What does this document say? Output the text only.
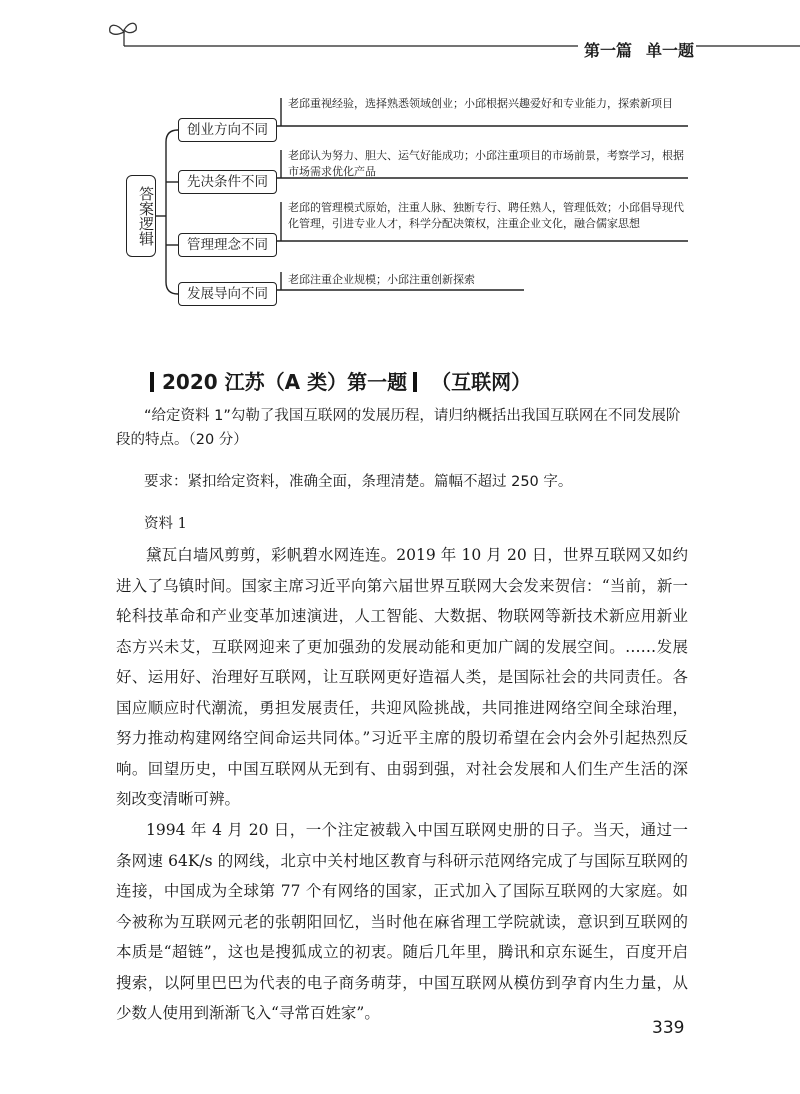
第一篇 单一题
答案逻辑
创业方向不同
老邱重视经验，选择熟悉领域创业；小邱根据兴趣爱好和专业能力，探索新项目
先决条件不同
老邱认为努力、胆大、运气好能成功；小邱注重项目的市场前景，考察学习，根据市场需求优化产品
管理理念不同
老邱的管理模式原始，注重人脉、独断专行、聘任熟人，管理低效；小邱倡导现代化管理，引进专业人才，科学分配决策权，注重企业文化，融合儒家思想
发展导向不同
老邱注重企业规模；小邱注重创新探索
2020 江苏（A 类）第一题 （互联网）
“给定资料 1”勾勒了我国互联网的发展历程，请归纳概括出我国互联网在不同发展阶段的特点。（20 分）
要求：紧扣给定资料，准确全面，条理清楚。篇幅不超过 250 字。
资料 1
黛瓦白墙风剪剪，彩帆碧水网连连。2019 年 10 月 20 日，世界互联网又如约进入了乌镇时间。国家主席习近平向第六届世界互联网大会发来贺信：“当前，新一轮科技革命和产业变革加速演进，人工智能、大数据、物联网等新技术新应用新业态方兴未艾，互联网迎来了更加强劲的发展动能和更加广阔的发展空间。……发展好、运用好、治理好互联网，让互联网更好造福人类，是国际社会的共同责任。各国应顺应时代潮流，勇担发展责任，共迎风险挑战，共同推进网络空间全球治理，努力推动构建网络空间命运共同体。”习近平主席的殷切希望在会内会外引起热烈反响。回望历史，中国互联网从无到有、由弱到强，对社会发展和人们生产生活的深刻改变清晰可辨。
1994 年 4 月 20 日，一个注定被载入中国互联网史册的日子。当天，通过一条网速 64K/s 的网线，北京中关村地区教育与科研示范网络完成了与国际互联网的连接，中国成为全球第 77 个有网络的国家，正式加入了国际互联网的大家庭。如今被称为互联网元老的张朝阳回忆，当时他在麻省理工学院就读，意识到互联网的本质是“超链”，这也是搜狐成立的初衷。随后几年里，腾讯和京东诞生，百度开启搜索，以阿里巴巴为代表的电子商务萌芽，中国互联网从模仿到孕育内生力量，从少数人使用到渐渐飞入“寻常百姓家”。
339
